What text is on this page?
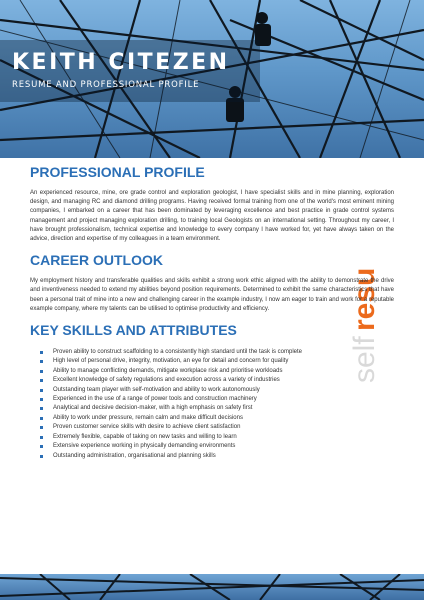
KEITH CITEZEN
RESUME AND PROFESSIONAL PROFILE
self
resu
PROFESSIONAL PROFILE

An experienced resource, mine, ore grade control and exploration geologist, I have specialist skills and in mine planning, exploration design, and managing RC and diamond drilling programs. Having received formal training from one of the world's most eminent mining companies, I embarked on a career that has been dominated by leveraging excellence and best practice in grade control systems management and project managing exploration drilling, to training local Geologists on an international setting. Throughout my career, I have brought professionalism, technical expertise and knowledge to every company I have worked for, yet have always taken on the advice, direction and expertise of my colleagues in a team environment.

CAREER OUTLOOK

My employment history and transferable qualities and skills exhibit a strong work ethic aligned with the ability to demonstrate the drive and inventiveness needed to extend my abilities beyond position requirements. Determined to exhibit the same characteristics that have been a personal trait of mine into a new and challenging career in the example industry, I now am eager to train and work for a reputable example company, where my talents can be utilised to optimise productivity and efficiency.

KEY SKILLS AND ATTRIBUTES
Proven ability to construct scaffolding to a consistently high standard until the task is complete
High level of personal drive, integrity, motivation, an eye for detail and concern for quality
Ability to manage conflicting demands, mitigate workplace risk and prioritise workloads
Excellent knowledge of safety regulations and execution across a variety of industries
Outstanding team player with self-motivation and ability to work autonomously
Experienced in the use of a range of power tools and construction machinery
Analytical and decisive decision-maker, with a high emphasis on safety first
Ability to work under pressure, remain calm and make difficult decisions
Proven customer service skills with desire to achieve client satisfaction
Extremely flexible, capable of taking on new tasks and willing to learn
Extensive experience working in physically demanding environments
Outstanding administration, organisational and planning skills
